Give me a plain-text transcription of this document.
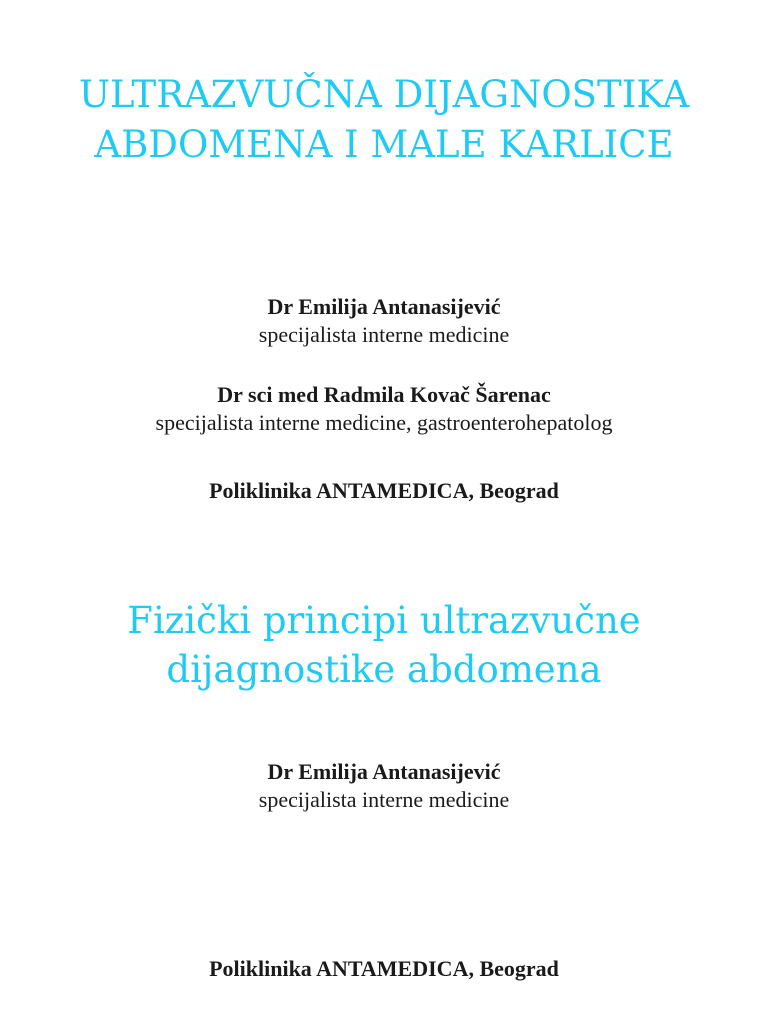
ULTRAZVUČNA DIJAGNOSTIKA
ABDOMENA I MALE KARLICE
Dr Emilija Antanasijević
specijalista interne medicine
Dr sci med Radmila Kovač Šarenac
specijalista interne medicine, gastroenterohepatolog
Poliklinika ANTAMEDICA, Beograd
Fizički principi ultrazvučne
dijagnostike abdomena
Dr Emilija Antanasijević
specijalista interne medicine
Poliklinika ANTAMEDICA, Beograd
